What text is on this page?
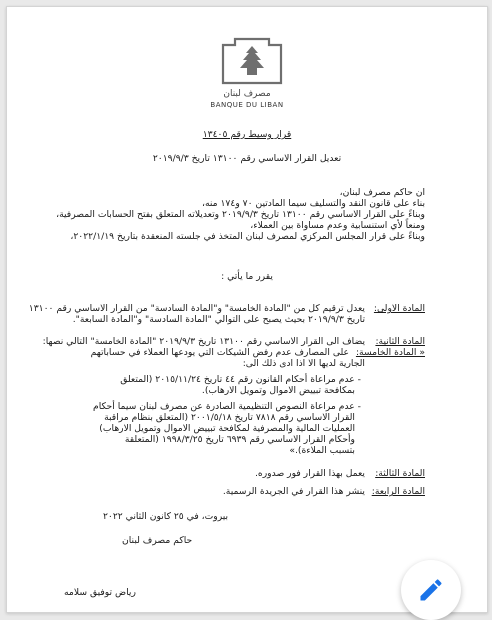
مصرف لبنان
BANQUE DU LIBAN
قرار وسيط رقم ١٣٤٠٥
تعديل القرار الاساسي رقم ١٣١٠٠ تاريخ ٢٠١٩/٩/٣
ان حاكم مصرف لبنان،
بناء على قانون النقد والتسليف سيما المادتين ٧٠ و١٧٤ منه،
وبناءً على القرار الاساسي رقم ١٣١٠٠ تاريخ ٢٠١٩/٩/٣ وتعديلاته المتعلق بفتح الحسابات المصرفية،
ومنعاً لأي استنسابية وعدم مساواة بين العملاء،
وبناءً على قرار المجلس المركزي لمصرف لبنان المتخذ في جلسته المنعقدة بتاريخ ٢٠٢٢/١/١٩،
يقرر ما يأتي :
المادة الاولى:
يعدل ترقيم كل من "المادة الخامسة" و"المادة السادسة" من القرار الاساسي رقم ١٣١٠٠
تاريخ ٢٠١٩/٩/٣ بحيث يصبح على التوالي "المادة السادسة" و"المادة السابعة".
المادة الثانية:
يضاف الى القرار الاساسي رقم ١٣١٠٠ تاريخ ٢٠١٩/٩/٣ "المادة الخامسة" التالي نصها:
« المادة الخامسة:
على المصارف عدم رفض الشيكات التي يودعها العملاء في حساباتهم
الجارية لديها الا اذا ادى ذلك الى:
- عدم مراعاة أحكام القانون رقم ٤٤ تاريخ ٢٠١٥/١١/٢٤ (المتعلق
بمكافحة تبييض الاموال وتمويل الارهاب).
- عدم مراعاة النصوص التنظيمية الصادرة عن مصرف لبنان سيما أحكام
القرار الاساسي رقم ٧٨١٨ تاريخ ٢٠٠١/٥/١٨ (المتعلق بنظام مراقبة
العمليات المالية والمصرفية لمكافحة تبييض الاموال وتمويل الارهاب)
وأحكام القرار الاساسي رقم ٦٩٣٩ تاريخ ١٩٩٨/٣/٢٥ (المتعلقة
بتسبب الملاءة).»
المادة الثالثة:
يعمل بهذا القرار فور صدوره.
المادة الرابعة:
ينشر هذا القرار في الجريدة الرسمية.
بيروت، في ٢٥ كانون الثاني ٢٠٢٢
حاكم مصرف لبنان
رياض توفيق سلامه
